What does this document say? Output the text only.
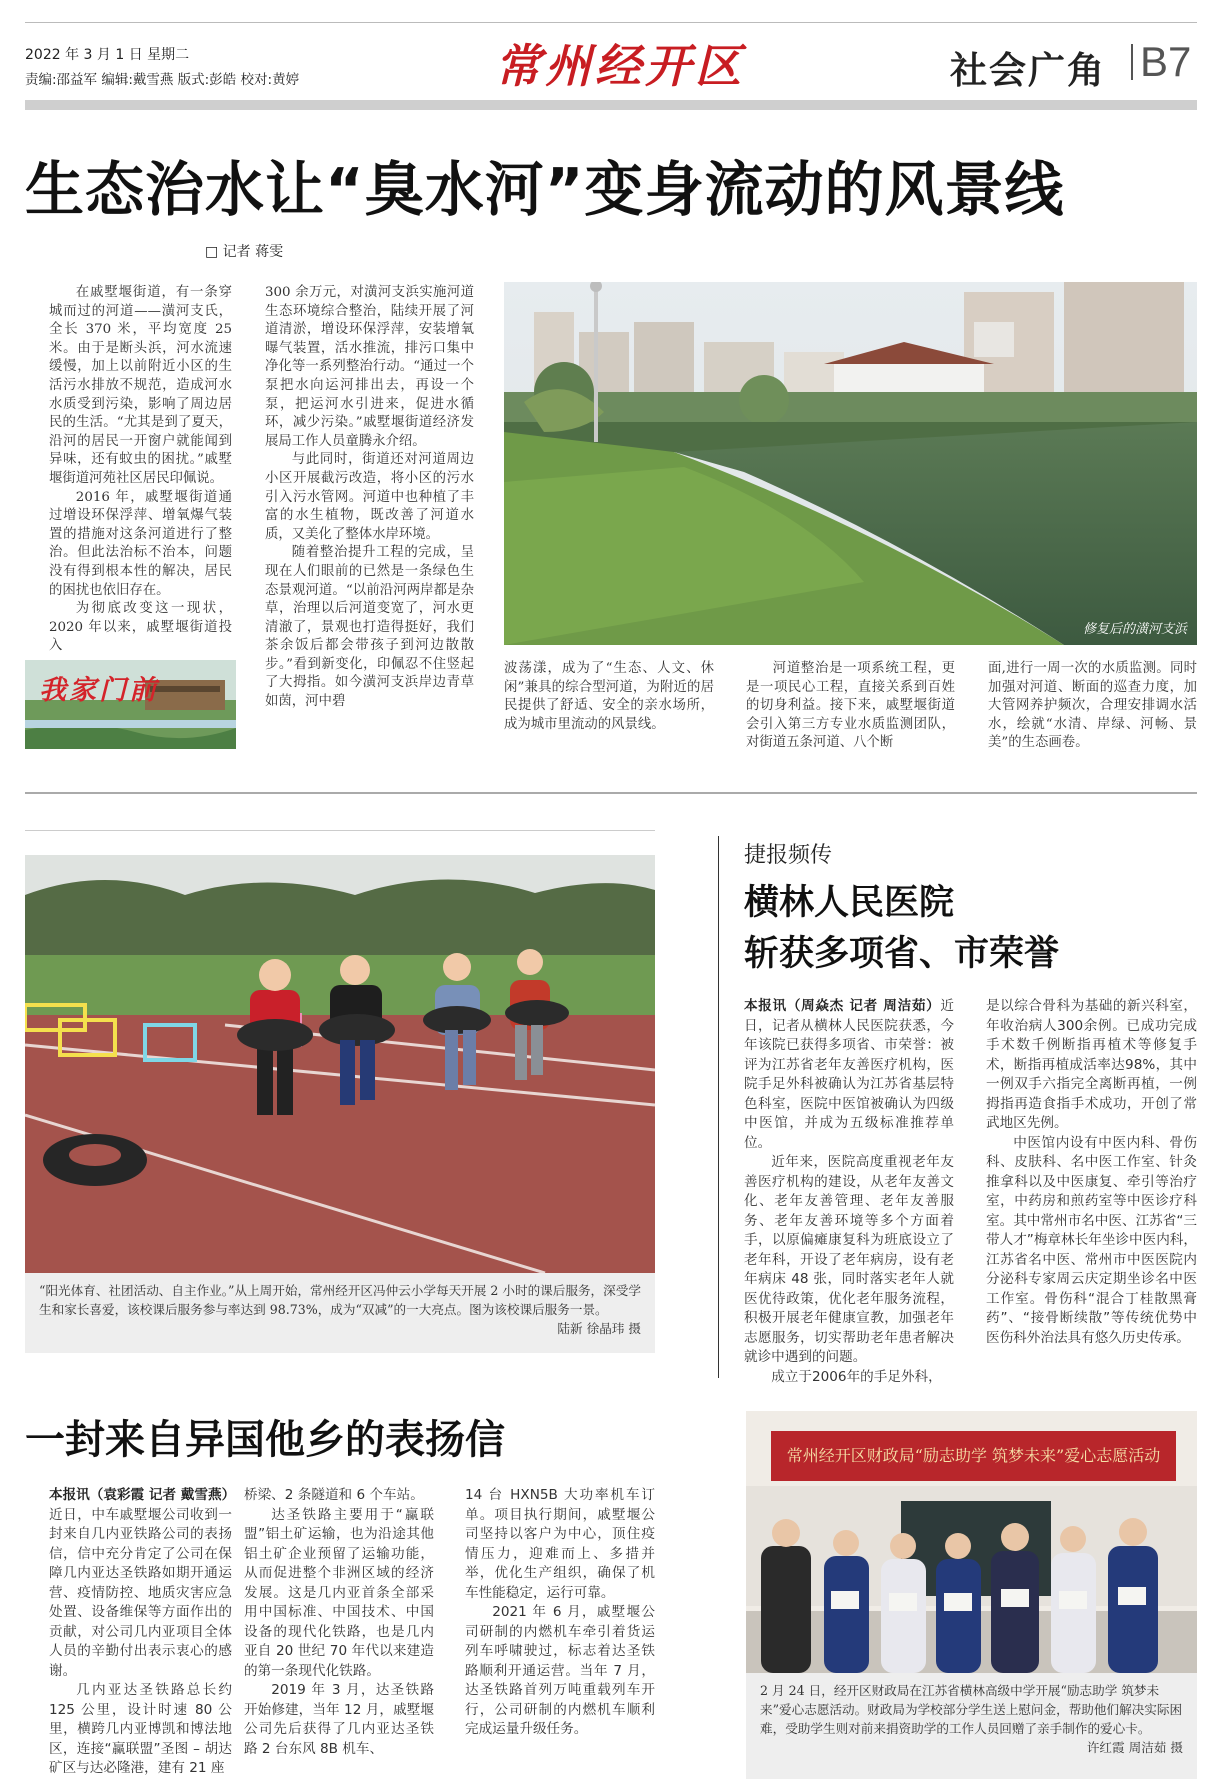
2022 年 3 月 1 日 星期二
责编:邵益军 编辑:戴雪燕 版式:彭皓 校对:黄婷	常州经开区	社会广角 B7
生态治水让“臭水河”变身流动的风景线
□ 记者 蒋雯

在戚墅堰街道，有一条穿城而过的河道——潢河支氏，全长 370 米，平均宽度 25 米。由于是断头浜，河水流速缓慢，加上以前附近小区的生活污水排放不规范，造成河水水质受到污染，影响了周边居民的生活。“尤其是到了夏天，沿河的居民一开窗户就能闻到异味，还有蚊虫的困扰。”戚墅堰街道河苑社区居民印佩说。

2016 年，戚墅堰街道通过增设环保浮萍、增氧爆气装置的措施对这条河道进行了整治。但此法治标不治本，问题没有得到根本性的解决，居民的困扰也依旧存在。

为彻底改变这一现状，2020 年以来，戚墅堰街道投入

我家门前

300 余万元，对潢河支浜实施河道生态环境综合整治，陆续开展了河道清淤，增设环保浮萍，安装增氧曝气装置，活水推流，排污口集中净化等一系列整治行动。“通过一个泵把水向运河排出去，再设一个泵，把运河水引进来，促进水循环，减少污染。”戚墅堰街道经济发展局工作人员童腾永介绍。

与此同时，街道还对河道周边小区开展截污改造，将小区的污水引入污水管网。河道中也种植了丰富的水生植物，既改善了河道水质，又美化了整体水岸环境。

随着整治提升工程的完成，呈现在人们眼前的已然是一条绿色生态景观河道。“以前沿河两岸都是杂草，治理以后河道变宽了，河水更清澈了，景观也打造得挺好，我们茶余饭后都会带孩子到河边散散步。”看到新变化，印佩忍不住竖起了大拇指。如今潢河支浜岸边青草如茵，河中碧

修复后的潢河支浜

波荡漾，成为了“生态、人文、休闲”兼具的综合型河道，为附近的居民提供了舒适、安全的亲水场所，成为城市里流动的风景线。

河道整治是一项系统工程，更是一项民心工程，直接关系到百姓的切身利益。接下来，戚墅堰街道会引入第三方专业水质监测团队，对街道五条河道、八个断

面,进行一周一次的水质监测。同时加强对河道、断面的巡查力度，加大管网养护频次，合理安排调水活水，绘就“水清、岸绿、河畅、景美”的生态画卷。

“阳光体育、社团活动、自主作业。”从上周开始，常州经开区冯仲云小学每天开展 2 小时的课后服务，深受学生和家长喜爱，该校课后服务参与率达到 98.73%，成为“双减”的一大亮点。图为该校课后服务一景。
陆新 徐晶玮 摄
捷报频传
横林人民医院
斩获多项省、市荣誉

本报讯（周焱杰 记者 周洁茹）近日，记者从横林人民医院获悉，今年该院已获得多项省、市荣誉：被评为江苏省老年友善医疗机构，医院手足外科被确认为江苏省基层特色科室，医院中医馆被确认为四级中医馆，并成为五级标准推荐单位。

近年来，医院高度重视老年友善医疗机构的建设，从老年友善文化、老年友善管理、老年友善服务、老年友善环境等多个方面着手，以原偏瘫康复科为班底设立了老年科，开设了老年病房，设有老年病床 48 张，同时落实老年人就医优待政策，优化老年服务流程，积极开展老年健康宣教，加强老年志愿服务，切实帮助老年患者解决就诊中遇到的问题。

成立于2006年的手足外科，

是以综合骨科为基础的新兴科室，年收治病人300余例。已成功完成手术数千例断指再植术等修复手术，断指再植成活率达98%，其中一例双手六指完全离断再植，一例拇指再造食指手术成功，开创了常武地区先例。

中医馆内设有中医内科、骨伤科、皮肤科、名中医工作室、针灸推拿科以及中医康复、牵引等治疗室，中药房和煎药室等中医诊疗科室。其中常州市名中医、江苏省“三带人才”梅章林长年坐诊中医内科，江苏省名中医、常州市中医医院内分泌科专家周云庆定期坐诊名中医工作室。骨伤科“混合丁桂散黑膏药”、“接骨断续散”等传统优势中医伤科外治法具有悠久历史传承。

一封来自异国他乡的表扬信

本报讯（袁彩霞 记者 戴雪燕）近日，中车戚墅堰公司收到一封来自几内亚铁路公司的表扬信，信中充分肯定了公司在保障几内亚达圣铁路如期开通运营、疫情防控、地质灾害应急处置、设备维保等方面作出的贡献，对公司几内亚项目全体人员的辛勤付出表示衷心的感谢。

几内亚达圣铁路总长约 125 公里，设计时速 80 公里，横跨几内亚博凯和博法地区，连接“赢联盟”圣图 – 胡达矿区与达必隆港，建有 21 座

桥梁、2 条隧道和 6 个车站。

达圣铁路主要用于“赢联盟”铝土矿运输，也为沿途其他铝土矿企业预留了运输功能，从而促进整个非洲区域的经济发展。这是几内亚首条全部采用中国标准、中国技术、中国设备的现代化铁路，也是几内亚自 20 世纪 70 年代以来建造的第一条现代化铁路。

2019 年 3 月，达圣铁路开始修建，当年 12 月，戚墅堰公司先后获得了几内亚达圣铁路 2 台东风 8B 机车、

14 台 HXN5B 大功率机车订单。项目执行期间，戚墅堰公司坚持以客户为中心，顶住疫情压力，迎难而上、多措并举，优化生产组织，确保了机车性能稳定，运行可靠。

2021 年 6 月，戚墅堰公司研制的内燃机车牵引着货运列车呼啸驶过，标志着达圣铁路顺利开通运营。当年 7 月，达圣铁路首列万吨重载列车开行，公司研制的内燃机车顺利完成运量升级任务。

常州经开区财政局“励志助学 筑梦未来”爱心志愿活动
2 月 24 日，经开区财政局在江苏省横林高级中学开展“励志助学 筑梦未来”爱心志愿活动。财政局为学校部分学生送上慰问金，帮助他们解决实际困难，受助学生则对前来捐资助学的工作人员回赠了亲手制作的爱心卡。
许红霞 周洁茹 摄
